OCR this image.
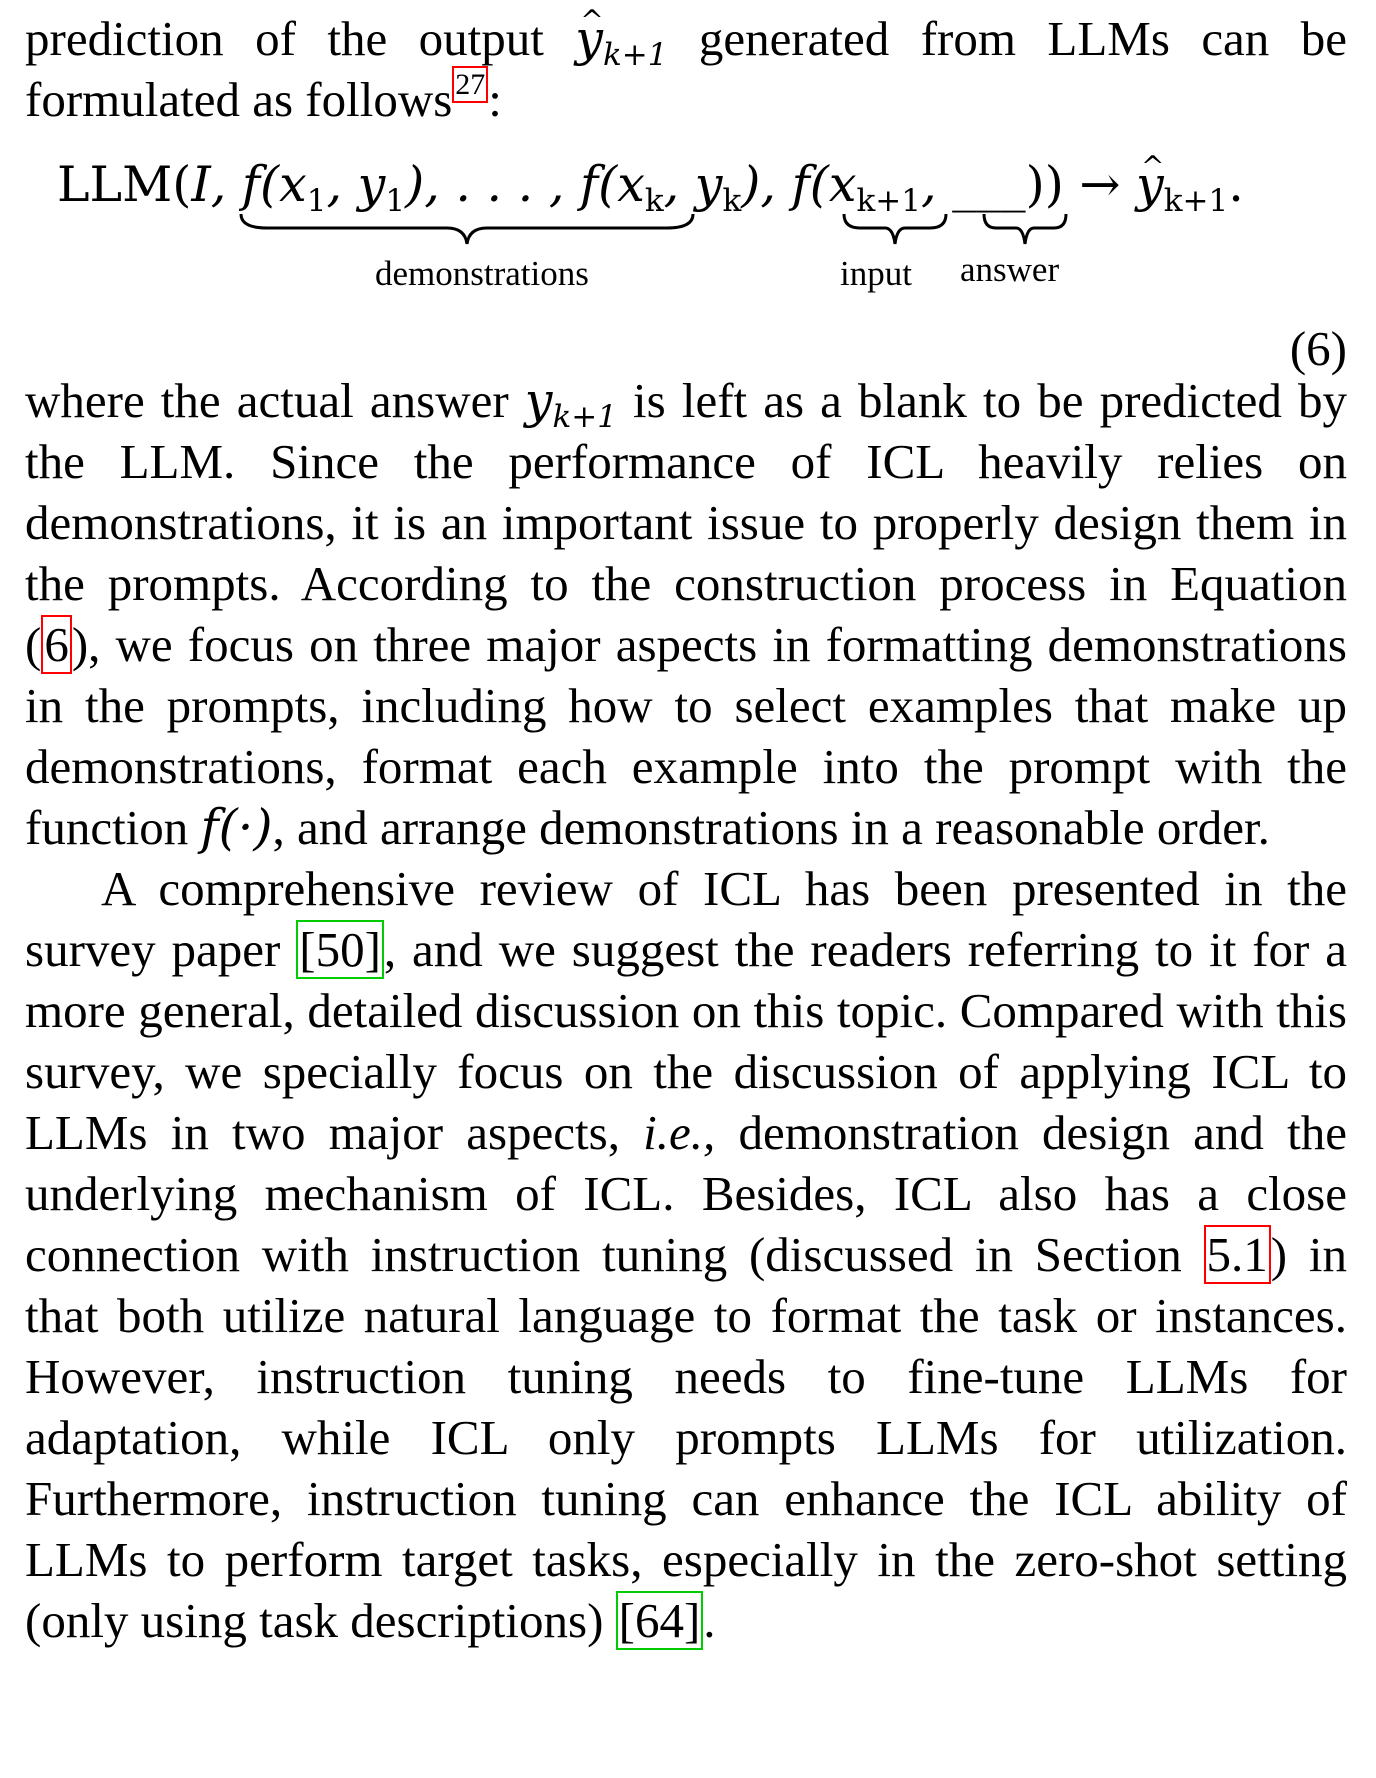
prediction of the output ^ $y_{k+1}$ generated from LLMs can be formulated as follows $^{27}$:

LLM(I, $f(x_1$, $y_1$), . . . , $f(x_k$, $y_k$), $f(x_{k+1}$, ___)) → ^ $y_{k+1}$.
demonstrations	input answer
(6)

where the actual answer $y_{k+1}$ is left as a blank to be predicted by the LLM. Since the performance of ICL heavily relies on demonstrations, it is an important issue to properly design them in the prompts. According to the construction process in Equation (6), we focus on three major aspects in formatting demonstrations in the prompts, including how to select examples that make up demonstrations, format each example into the prompt with the function f(·), and arrange demonstrations in a reasonable order.

A comprehensive review of ICL has been presented in the survey paper [50], and we suggest the readers referring to it for a more general, detailed discussion on this topic. Compared with this survey, we specially focus on the discussion of applying ICL to LLMs in two major aspects, i.e., demonstration design and the underlying mechanism of ICL. Besides, ICL also has a close connection with instruction tuning (discussed in Section 5.1) in that both utilize natural language to format the task or instances. However, instruction tuning needs to fine-tune LLMs for adaptation, while ICL only prompts LLMs for utilization. Furthermore, instruction tuning can enhance the ICL ability of LLMs to perform target tasks, especially in the zero-shot setting (only using task descriptions) [64].
